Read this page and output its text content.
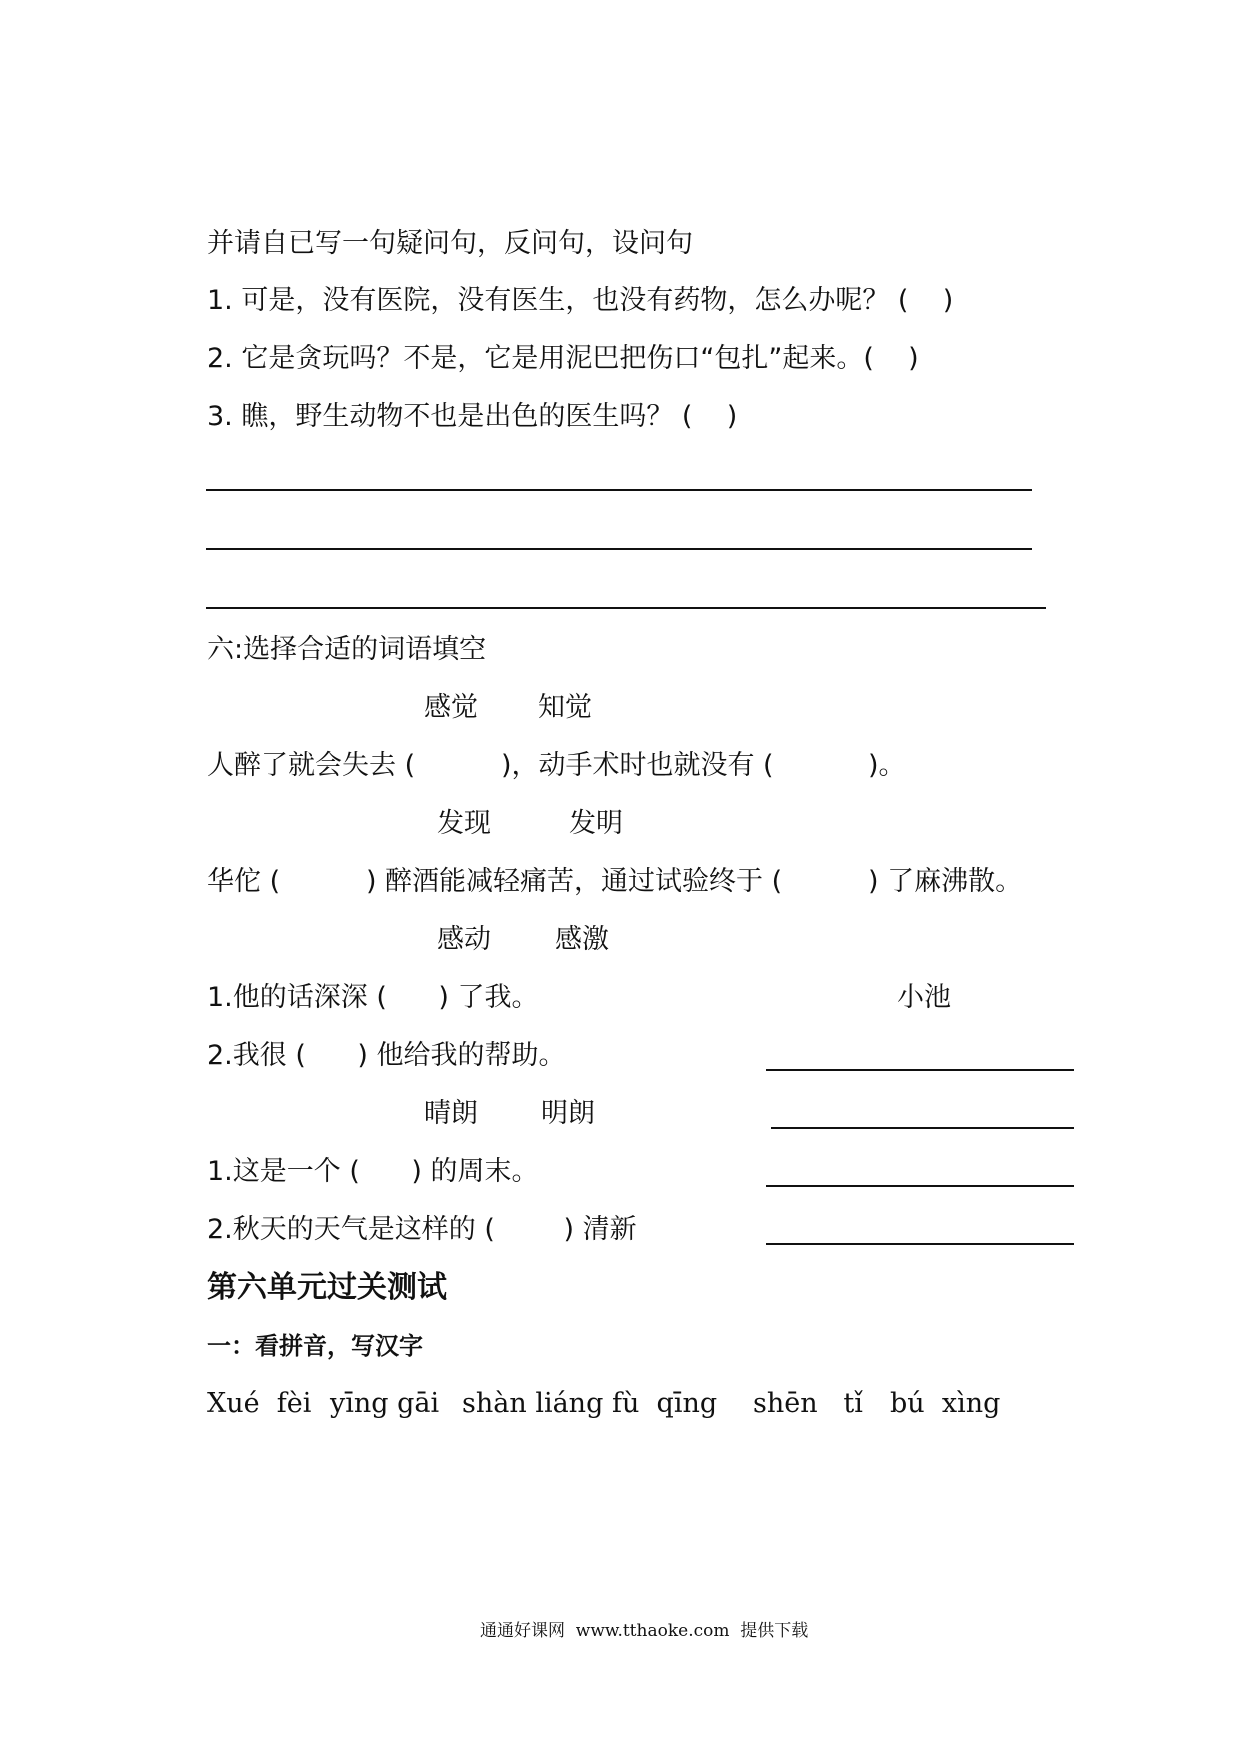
并请自已写一句疑问句，反问句，设问句
1. 可是，没有医院，没有医生，也没有药物，怎么办呢？ (    )
2. 它是贪玩吗？不是，它是用泥巴把伤口“包扎”起来。(    )
3. 瞧，野生动物不也是出色的医生吗？ (    )
六:选择合适的词语填空
感觉 知觉
人醉了就会失去 (          )，动手术时也就没有 (           )。
发现	发明
华佗 (          ) 醉酒能减轻痛苦，通过试验终于 (          ) 了麻沸散。
感动 感激
1.他的话深深 (      ) 了我。
2.我很 (      ) 他给我的帮助。
晴朗 明朗
1.这是一个 (      ) 的周末。
2.秋天的天气是这样的 (        ) 清新
小池
第六单元过关测试
一：看拼音，写汉字
Xué  fèi yīng gāi shàn liáng fù  qīng shēn   tǐ bú  xìng
通通好课网  www.tthaoke.com  提供下载
